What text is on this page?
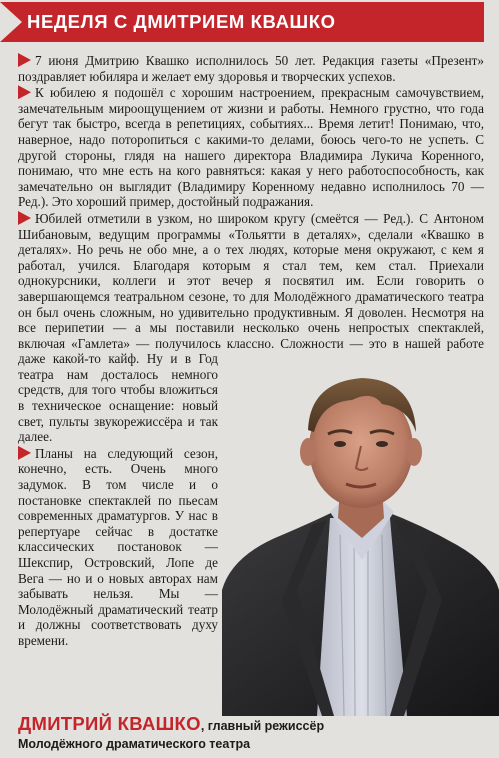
НЕДЕЛЯ С ДМИТРИЕМ КВАШКО

7 июня Дмитрию Квашко исполнилось 50 лет. Редакция газеты «Презент» поздравляет юбиляра и желает ему здоровья и творческих успехов.

К юбилею я подошёл с хорошим настроением, прекрасным самочувствием, замечательным мироощущением от жизни и работы. Немного грустно, что года бегут так быстро, всегда в репетициях, событиях... Время летит! Понимаю, что, наверное, надо поторопиться с какими-то делами, боюсь чего-то не успеть. С другой стороны, глядя на нашего директора Владимира Лукича Коренного, понимаю, что мне есть на кого равняться: какая у него работоспособность, как замечательно он выглядит (Владимиру Коренному недавно исполнилось 70 — Ред.). Это хороший пример, достойный подражания.

Юбилей отметили в узком, но широком кругу (смеётся — Ред.). С Антоном Шибановым, ведущим программы «Тольятти в деталях», сделали «Квашко в деталях». Но речь не обо мне, а о тех людях, которые меня окружают, с кем я работал, учился. Благодаря которым я стал тем, кем стал. Приехали однокурсники, коллеги и этот вечер я посвятил им. Если говорить о завершающемся театральном сезоне, то для Молодёжного драматического театра он был очень сложным, но удивительно продуктивным. Я доволен. Несмотря на все перипетии — а мы поставили несколько очень непростых спектаклей, включая «Гамлета» — получилось классно. Сложности — это в нашей работе даже какой-то кайф. Ну и в Год театра нам досталось немного средств, для того чтобы вложиться в техническое оснащение: новый свет, пульты звукорежиссёра и так далее.

Планы на следующий сезон, конечно, есть. Очень много задумок. В том числе и о постановке спектаклей по пьесам современных драматургов. У нас в репертуаре сейчас в достатке классических постановок — Шекспир, Островский, Лопе де Вега — но и о новых авторах нам забывать нельзя. Мы — Молодёжный драматический театр и должны соответствовать духу времени.

ДМИТРИЙ КВАШКО, главный режиссёр
Молодёжного драматического театра
